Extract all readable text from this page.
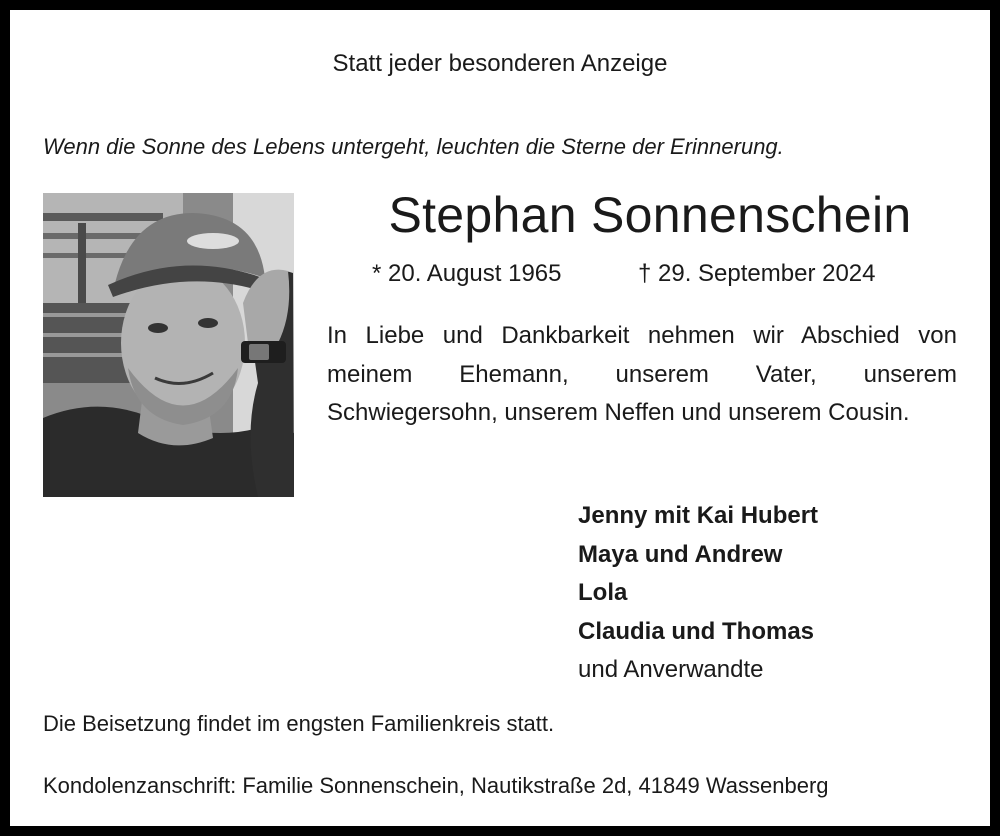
Statt jeder besonderen Anzeige
Wenn die Sonne des Lebens untergeht, leuchten die Sterne der Erinnerung.
Stephan Sonnenschein
* 20. August 1965	† 29. September 2024
In Liebe und Dankbarkeit nehmen wir Abschied von meinem Ehemann, unserem Vater, unserem Schwiegersohn, unserem Neffen und unserem Cousin.
Jenny mit Kai Hubert
Maya und Andrew
Lola
Claudia und Thomas
und Anverwandte
Die Beisetzung findet im engsten Familienkreis statt.
Kondolenzanschrift: Familie Sonnenschein, Nautikstraße 2d, 41849 Wassenberg
